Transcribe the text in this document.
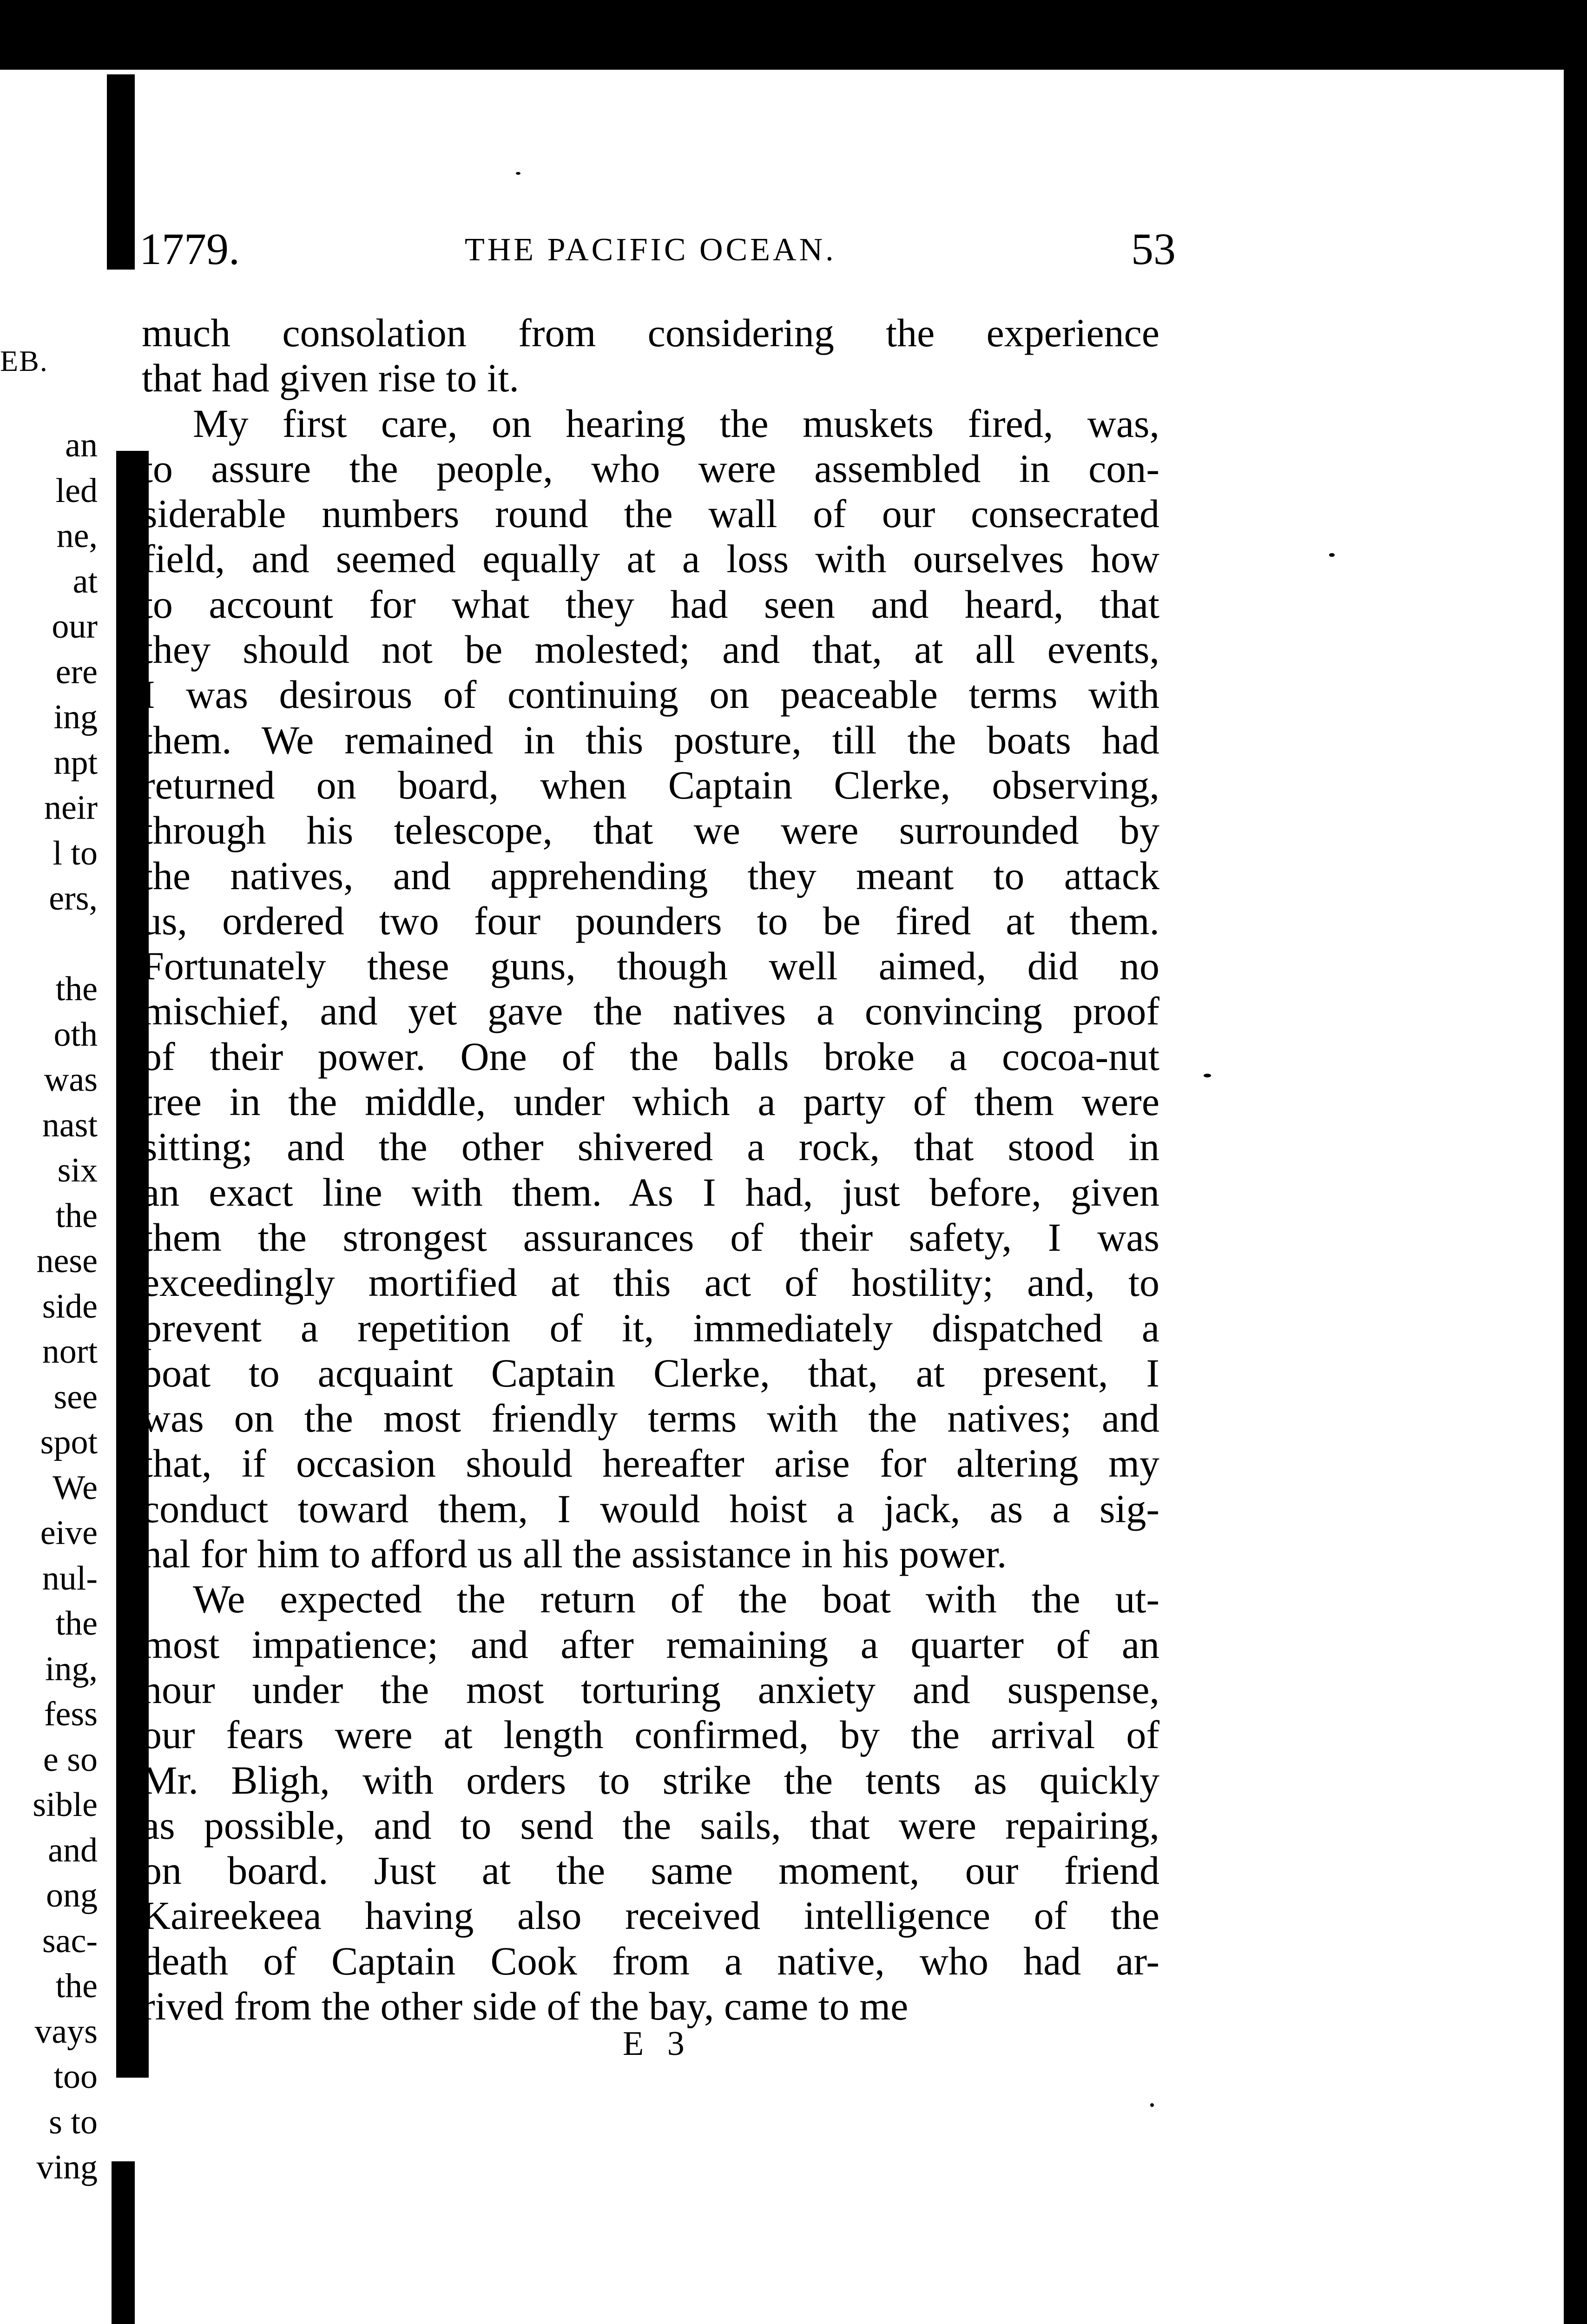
EB.
an
led
ne,
at
our
ere
ing
npt
neir
l to
ers,
the
oth
was
nast
six
the
nese
side
nort
see
spot
We
eive
nul-
the
ing,
fess
e so
sible
and
ong
sac-
the
vays
too
s to
ving
1779.	THE PACIFIC OCEAN.	53
much consolation from considering the experience
that had given rise to it.
My first care, on hearing the muskets fired, was,
to assure the people, who were assembled in con-
siderable numbers round the wall of our consecrated
field, and seemed equally at a loss with ourselves how
to account for what they had seen and heard, that
they should not be molested; and that, at all events,
I was desirous of continuing on peaceable terms with
them. We remained in this posture, till the boats had
returned on board, when Captain Clerke, observing,
through his telescope, that we were surrounded by
the natives, and apprehending they meant to attack
us, ordered two four pounders to be fired at them.
Fortunately these guns, though well aimed, did no
mischief, and yet gave the natives a convincing proof
of their power. One of the balls broke a cocoa-nut
tree in the middle, under which a party of them were
sitting; and the other shivered a rock, that stood in
an exact line with them. As I had, just before, given
them the strongest assurances of their safety, I was
exceedingly mortified at this act of hostility; and, to
prevent a repetition of it, immediately dispatched a
boat to acquaint Captain Clerke, that, at present, I
was on the most friendly terms with the natives; and
that, if occasion should hereafter arise for altering my
conduct toward them, I would hoist a jack, as a sig-
nal for him to afford us all the assistance in his power.
We expected the return of the boat with the ut-
most impatience; and after remaining a quarter of an
hour under the most torturing anxiety and suspense,
our fears were at length confirmed, by the arrival of
Mr. Bligh, with orders to strike the tents as quickly
as possible, and to send the sails, that were repairing,
on board. Just at the same moment, our friend
Kaireekeea having also received intelligence of the
death of Captain Cook from a native, who had ar-
rived from the other side of the bay, came to me
E 3
